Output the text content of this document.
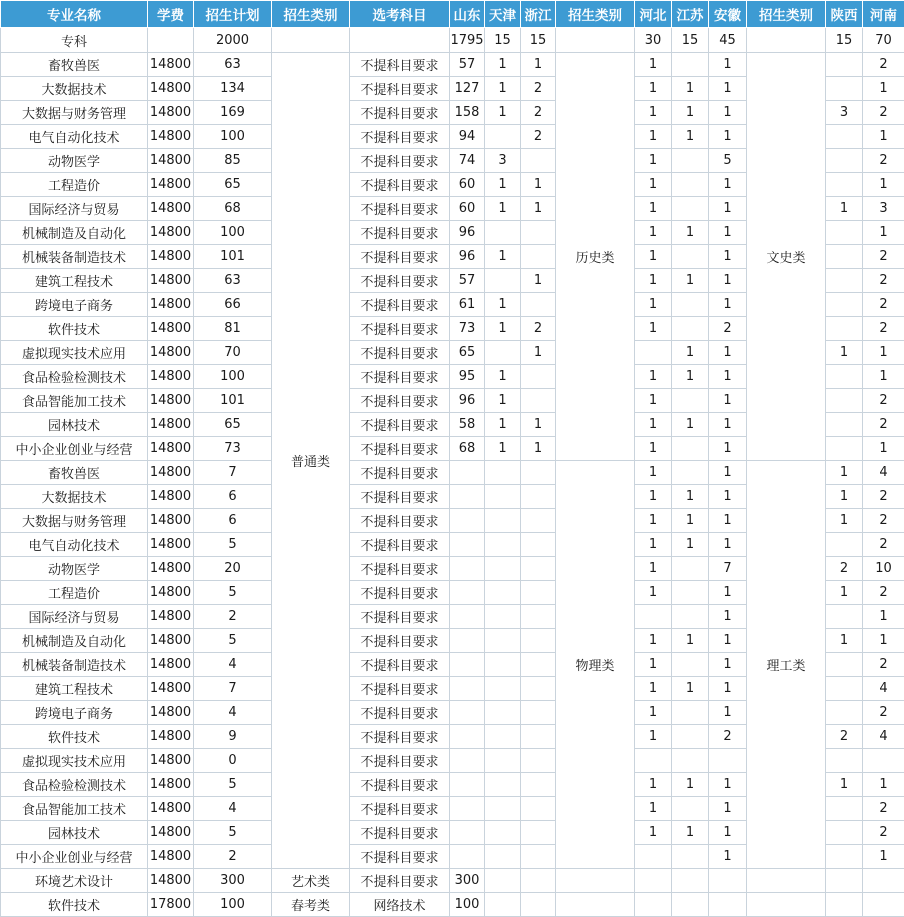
专业名称	学费	招生计划	招生类别	选考科目	山东	天津	浙江	招生类别	河北	江苏	安徽	招生类别	陕西	河南
专科		2000			1795	15	15		30	15	45		15	70
畜牧兽医	14800	63	普通类	不提科目要求	57	1	1	历史类	1		1	文史类		2
大数据技术	14800	134		不提科目要求	127	1	2		1	1	1			1
大数据与财务管理	14800	169		不提科目要求	158	1	2		1	1	1		3	2
电气自动化技术	14800	100		不提科目要求	94		2		1	1	1			1
动物医学	14800	85		不提科目要求	74	3			1		5			2
工程造价	14800	65		不提科目要求	60	1	1		1		1			1
国际经济与贸易	14800	68		不提科目要求	60	1	1		1		1		1	3
机械制造及自动化	14800	100		不提科目要求	96				1	1	1			1
机械装备制造技术	14800	101		不提科目要求	96	1			1		1			2
建筑工程技术	14800	63		不提科目要求	57		1		1	1	1			2
跨境电子商务	14800	66		不提科目要求	61	1			1		1			2
软件技术	14800	81		不提科目要求	73	1	2		1		2			2
虚拟现实技术应用	14800	70		不提科目要求	65		1			1	1		1	1
食品检验检测技术	14800	100		不提科目要求	95	1			1	1	1			1
食品智能加工技术	14800	101		不提科目要求	96	1			1		1			2
园林技术	14800	65		不提科目要求	58	1	1		1	1	1			2
中小企业创业与经营	14800	73		不提科目要求	68	1	1		1		1			1
畜牧兽医	14800	7		不提科目要求				物理类	1		1	理工类	1	4
大数据技术	14800	6		不提科目要求					1	1	1		1	2
大数据与财务管理	14800	6		不提科目要求					1	1	1		1	2
电气自动化技术	14800	5		不提科目要求					1	1	1			2
动物医学	14800	20		不提科目要求					1		7		2	10
工程造价	14800	5		不提科目要求					1		1		1	2
国际经济与贸易	14800	2		不提科目要求							1			1
机械制造及自动化	14800	5		不提科目要求					1	1	1		1	1
机械装备制造技术	14800	4		不提科目要求					1		1			2
建筑工程技术	14800	7		不提科目要求					1	1	1			4
跨境电子商务	14800	4		不提科目要求					1		1			2
软件技术	14800	9		不提科目要求					1		2		2	4
虚拟现实技术应用	14800	0		不提科目要求										
食品检验检测技术	14800	5		不提科目要求					1	1	1		1	1
食品智能加工技术	14800	4		不提科目要求					1		1			2
园林技术	14800	5		不提科目要求					1	1	1			2
中小企业创业与经营	14800	2		不提科目要求							1			1
环境艺术设计	14800	300	艺术类	不提科目要求	300									
软件技术	17800	100	春考类	网络技术	100									
